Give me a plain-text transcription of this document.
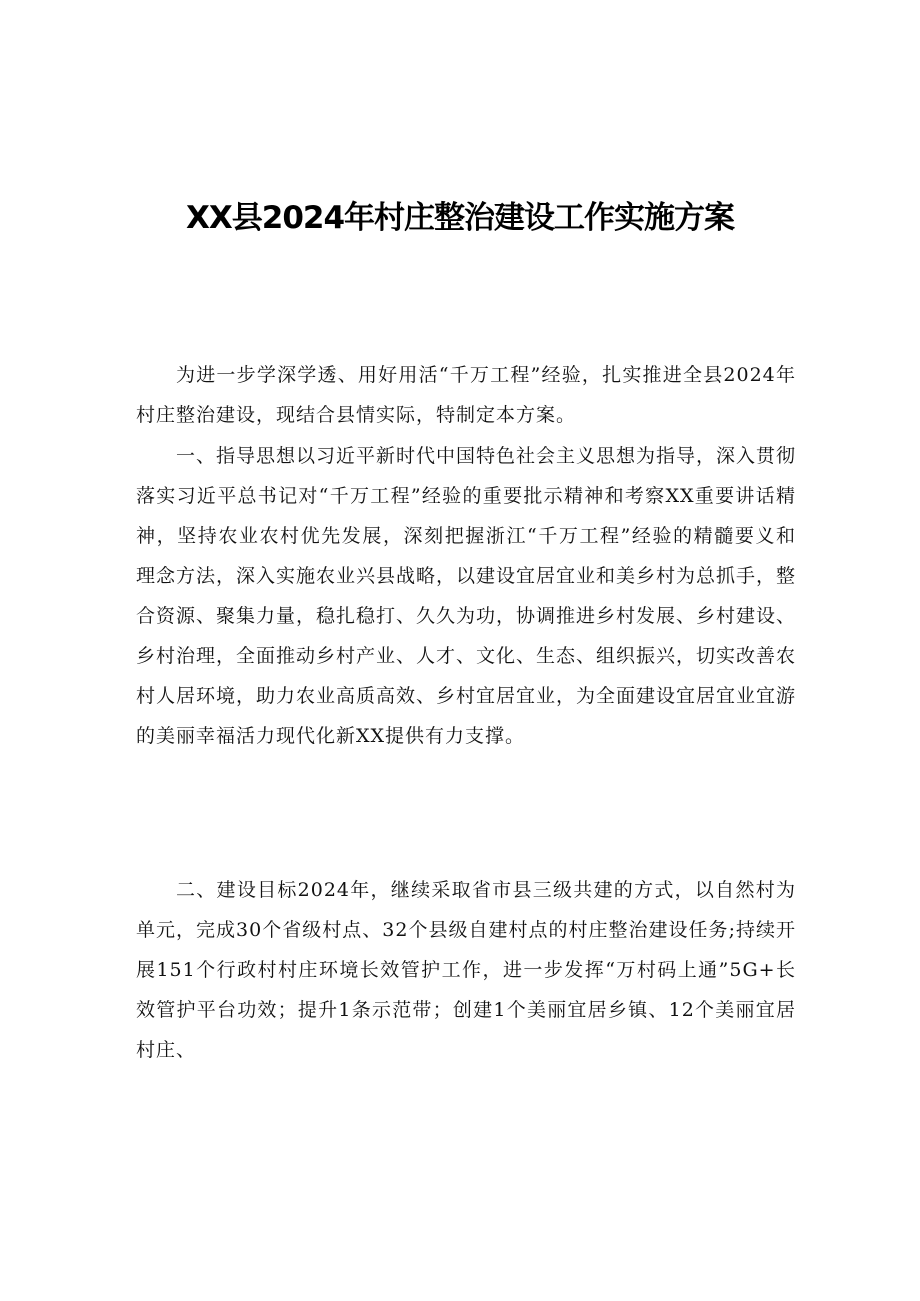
XX县2024年村庄整治建设工作实施方案

为进一步学深学透、用好用活“千万工程”经验，扎实推进全县2024年村庄整治建设，现结合县情实际，特制定本方案。

一、指导思想以习近平新时代中国特色社会主义思想为指导，深入贯彻落实习近平总书记对“千万工程”经验的重要批示精神和考察XX重要讲话精神，坚持农业农村优先发展，深刻把握浙江“千万工程”经验的精髓要义和理念方法，深入实施农业兴县战略，以建设宜居宜业和美乡村为总抓手，整合资源、聚集力量，稳扎稳打、久久为功，协调推进乡村发展、乡村建设、乡村治理，全面推动乡村产业、人才、文化、生态、组织振兴，切实改善农村人居环境，助力农业高质高效、乡村宜居宜业，为全面建设宜居宜业宜游的美丽幸福活力现代化新XX提供有力支撑。

二、建设目标2024年，继续采取省市县三级共建的方式，以自然村为单元，完成30个省级村点、32个县级自建村点的村庄整治建设任务;持续开展151个行政村村庄环境长效管护工作，进一步发挥“万村码上通”5G+长效管护平台功效；提升1条示范带；创建1个美丽宜居乡镇、12个美丽宜居村庄、
